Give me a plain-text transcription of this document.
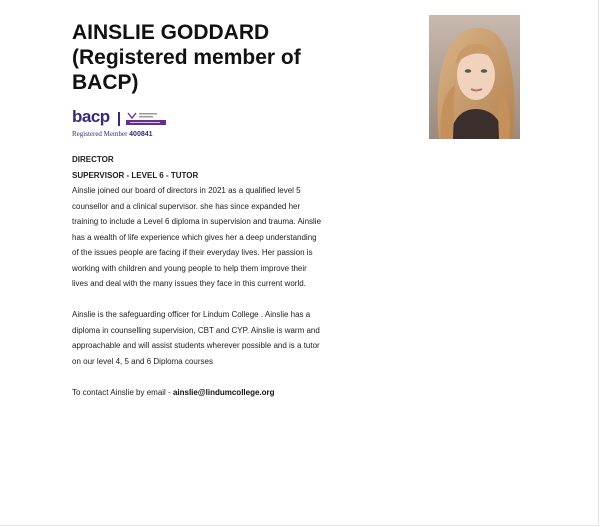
AINSLIE GODDARD (Registered member of BACP)
bacp
Registered Member 400841

DIRECTOR

SUPERVISOR - LEVEL 6 - TUTOR

Ainslie joined our board of directors in 2021 as a qualified level 5 counsellor and a clinical supervisor. she has since expanded her training to include a Level 6 diploma in supervision and trauma. Ainslie has a wealth of life experience which gives her a deep understanding of the issues people are facing if their everyday lives. Her passion is working with children and young people to help them improve their lives and deal with the many issues they face in this current world.

Ainslie is the safeguarding officer for Lindum College . Ainslie has a diploma in counselling supervision, CBT and CYP. Ainslie is warm and approachable and will assist students wherever possible and is a tutor on our level 4, 5 and 6 Diploma courses

To contact Ainslie by email - ainslie@lindumcollege.org
